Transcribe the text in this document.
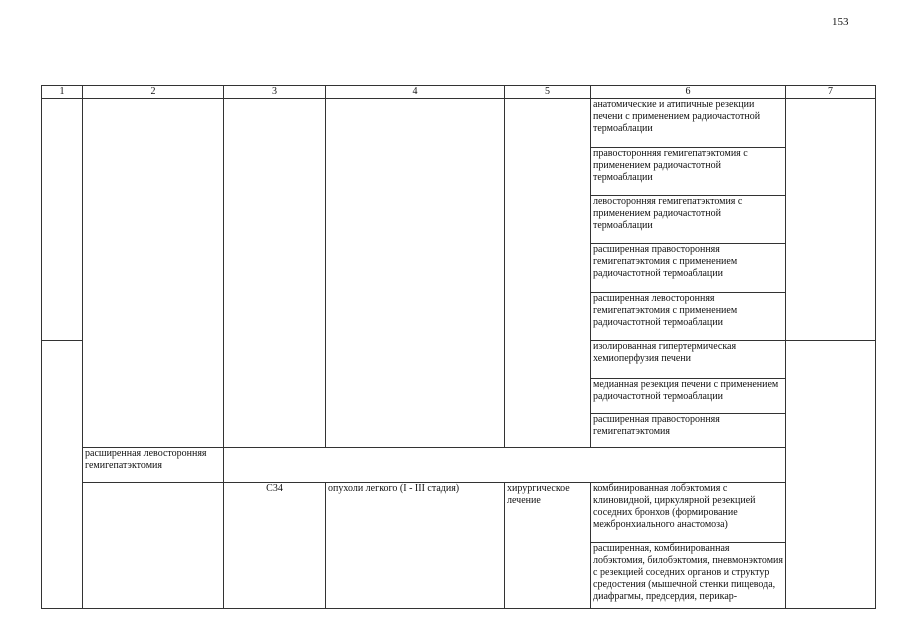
153
1	2	3	4	5	6	7
					анатомические и атипичные резекции печени с применением радиочастотной термоаблации	
					правосторонняя гемигепатэктомия с применением радиочастотной термоаблации	
					левосторонняя гемигепатэктомия с применением радиочастотной термоаблации	
					расширенная правосторонняя гемигепатэктомия с применением радиочастотной термоаблации	
					расширенная левосторонняя гемигепатэктомия с применением радиочастотной термоаблации	
					изолированная гипертермическая хемиоперфузия печени	
					медианная резекция печени с применением радиочастотной термоаблации	
					расширенная правосторонняя гемигепатэктомия	
	расширенная левосторонняя гемигепатэктомия					
		C34	опухоли легкого (I - III стадия)	хирургическое лечение	комбинированная лобэктомия с клиновидной, циркулярной резекцией соседних бронхов (формирование межбронхиального анастомоза)	

					расширенная, комбинированная лобэктомия, билобэктомия, пневмонэктомия с резекцией соседних органов и структур средостения (мышечной стенки пищевода, диафрагмы, предсердия, перикар-	
